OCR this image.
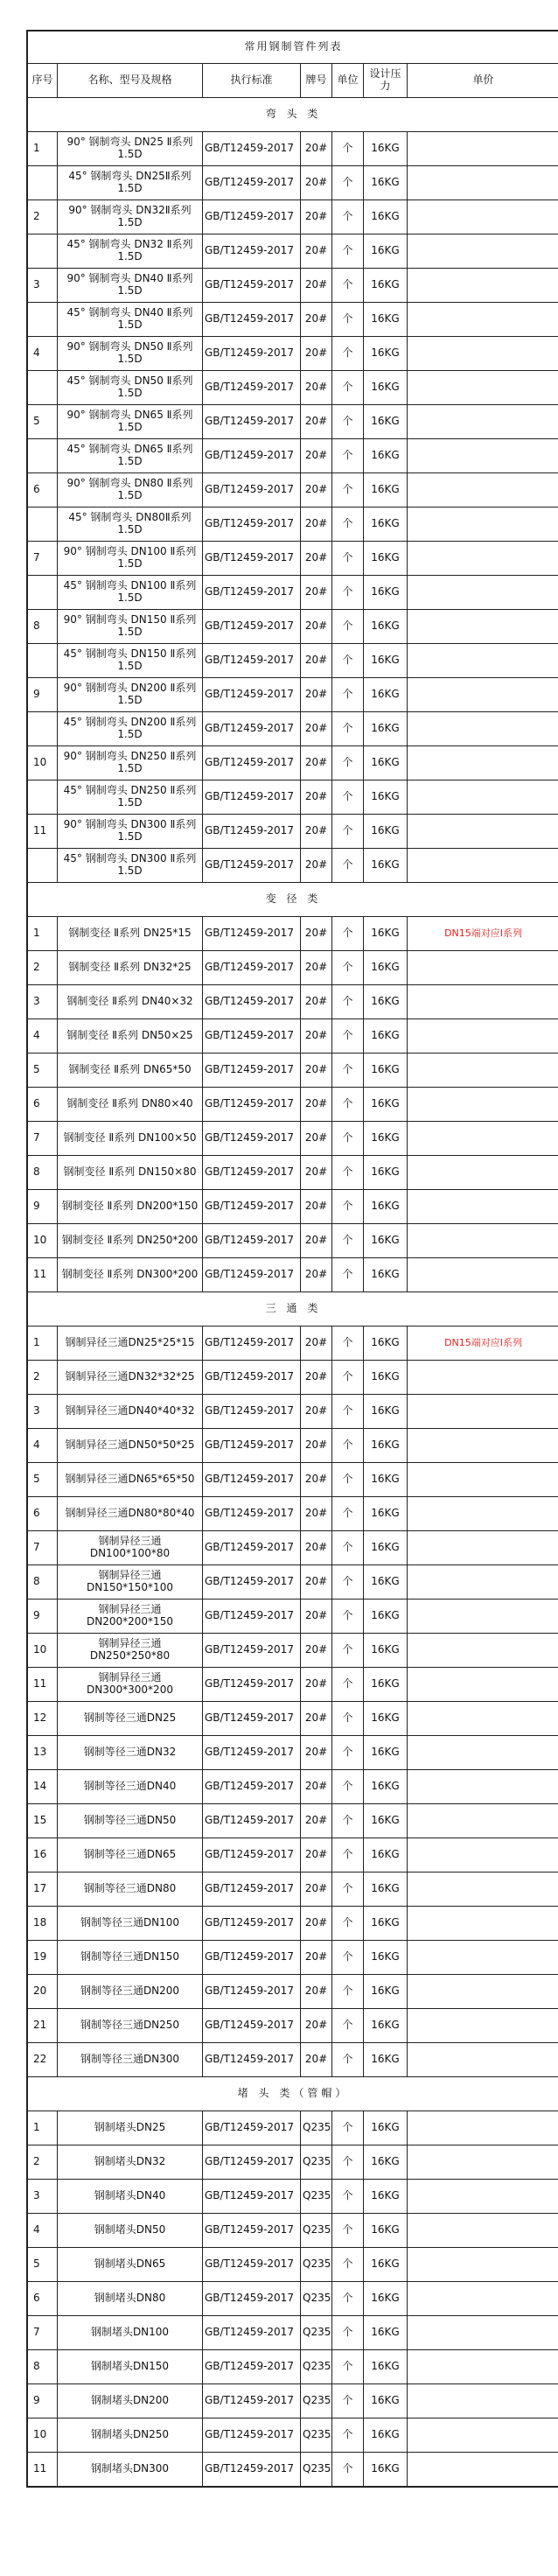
常用钢制管件列表						
序号	名称、型号及规格	执行标准	牌号	单位	设计压力	单价
弯 头 类						
1	90° 钢制弯头 DN25 Ⅱ系列 1.5D	GB/T12459-2017	20#	个	16KG	
	45° 钢制弯头 DN25Ⅱ系列 1.5D	GB/T12459-2017	20#	个	16KG	
2	90° 钢制弯头 DN32Ⅱ系列 1.5D	GB/T12459-2017	20#	个	16KG	
	45° 钢制弯头 DN32 Ⅱ系列 1.5D	GB/T12459-2017	20#	个	16KG	
3	90° 钢制弯头 DN40 Ⅱ系列 1.5D	GB/T12459-2017	20#	个	16KG	
	45° 钢制弯头 DN40 Ⅱ系列 1.5D	GB/T12459-2017	20#	个	16KG	
4	90° 钢制弯头 DN50 Ⅱ系列 1.5D	GB/T12459-2017	20#	个	16KG	
	45° 钢制弯头 DN50 Ⅱ系列 1.5D	GB/T12459-2017	20#	个	16KG	
5	90° 钢制弯头 DN65 Ⅱ系列 1.5D	GB/T12459-2017	20#	个	16KG	
	45° 钢制弯头 DN65 Ⅱ系列 1.5D	GB/T12459-2017	20#	个	16KG	
6	90° 钢制弯头 DN80 Ⅱ系列 1.5D	GB/T12459-2017	20#	个	16KG	
	45° 钢制弯头 DN80Ⅱ系列 1.5D	GB/T12459-2017	20#	个	16KG	
7	90° 钢制弯头 DN100 Ⅱ系列 1.5D	GB/T12459-2017	20#	个	16KG	
	45° 钢制弯头 DN100 Ⅱ系列 1.5D	GB/T12459-2017	20#	个	16KG	
8	90° 钢制弯头 DN150 Ⅱ系列 1.5D	GB/T12459-2017	20#	个	16KG	
	45° 钢制弯头 DN150 Ⅱ系列 1.5D	GB/T12459-2017	20#	个	16KG	
9	90° 钢制弯头 DN200 Ⅱ系列 1.5D	GB/T12459-2017	20#	个	16KG	
	45° 钢制弯头 DN200 Ⅱ系列 1.5D	GB/T12459-2017	20#	个	16KG	
10	90° 钢制弯头 DN250 Ⅱ系列 1.5D	GB/T12459-2017	20#	个	16KG	
	45° 钢制弯头 DN250 Ⅱ系列 1.5D	GB/T12459-2017	20#	个	16KG	
11	90° 钢制弯头 DN300 Ⅱ系列 1.5D	GB/T12459-2017	20#	个	16KG	
	45° 钢制弯头 DN300 Ⅱ系列 1.5D	GB/T12459-2017	20#	个	16KG	
变 径 类						
1	钢制变径 Ⅱ系列 DN25*15	GB/T12459-2017	20#	个	16KG	DN15端对应I系列
2	钢制变径 Ⅱ系列 DN32*25	GB/T12459-2017	20#	个	16KG	
3	钢制变径 Ⅱ系列 DN40×32	GB/T12459-2017	20#	个	16KG	
4	钢制变径 Ⅱ系列 DN50×25	GB/T12459-2017	20#	个	16KG	
5	钢制变径 Ⅱ系列 DN65*50	GB/T12459-2017	20#	个	16KG	
6	钢制变径 Ⅱ系列 DN80×40	GB/T12459-2017	20#	个	16KG	
7	钢制变径 Ⅱ系列 DN100×50	GB/T12459-2017	20#	个	16KG	
8	钢制变径 Ⅱ系列 DN150×80	GB/T12459-2017	20#	个	16KG	
9	钢制变径 Ⅱ系列 DN200*150	GB/T12459-2017	20#	个	16KG	
10	钢制变径 Ⅱ系列 DN250*200	GB/T12459-2017	20#	个	16KG	
11	钢制变径 Ⅱ系列 DN300*200	GB/T12459-2017	20#	个	16KG	
三 通 类						
1	钢制异径三通DN25*25*15	GB/T12459-2017	20#	个	16KG	DN15端对应I系列
2	钢制异径三通DN32*32*25	GB/T12459-2017	20#	个	16KG	
3	钢制异径三通DN40*40*32	GB/T12459-2017	20#	个	16KG	
4	钢制异径三通DN50*50*25	GB/T12459-2017	20#	个	16KG	
5	钢制异径三通DN65*65*50	GB/T12459-2017	20#	个	16KG	
6	钢制异径三通DN80*80*40	GB/T12459-2017	20#	个	16KG	
7	钢制异径三通DN100*100*80	GB/T12459-2017	20#	个	16KG	
8	钢制异径三通DN150*150*100	GB/T12459-2017	20#	个	16KG	
9	钢制异径三通DN200*200*150	GB/T12459-2017	20#	个	16KG	
10	钢制异径三通DN250*250*80	GB/T12459-2017	20#	个	16KG	
11	钢制异径三通DN300*300*200	GB/T12459-2017	20#	个	16KG	
12	钢制等径三通DN25	GB/T12459-2017	20#	个	16KG	
13	钢制等径三通DN32	GB/T12459-2017	20#	个	16KG	
14	钢制等径三通DN40	GB/T12459-2017	20#	个	16KG	
15	钢制等径三通DN50	GB/T12459-2017	20#	个	16KG	
16	钢制等径三通DN65	GB/T12459-2017	20#	个	16KG	
17	钢制等径三通DN80	GB/T12459-2017	20#	个	16KG	
18	钢制等径三通DN100	GB/T12459-2017	20#	个	16KG	
19	钢制等径三通DN150	GB/T12459-2017	20#	个	16KG	
20	钢制等径三通DN200	GB/T12459-2017	20#	个	16KG	
21	钢制等径三通DN250	GB/T12459-2017	20#	个	16KG	
22	钢制等径三通DN300	GB/T12459-2017	20#	个	16KG	
堵 头 类（管帽）						
1	钢制堵头DN25	GB/T12459-2017	Q235	个	16KG	
2	钢制堵头DN32	GB/T12459-2017	Q235	个	16KG	
3	钢制堵头DN40	GB/T12459-2017	Q235	个	16KG	
4	钢制堵头DN50	GB/T12459-2017	Q235	个	16KG	
5	钢制堵头DN65	GB/T12459-2017	Q235	个	16KG	
6	钢制堵头DN80	GB/T12459-2017	Q235	个	16KG	
7	钢制堵头DN100	GB/T12459-2017	Q235	个	16KG	
8	钢制堵头DN150	GB/T12459-2017	Q235	个	16KG	
9	钢制堵头DN200	GB/T12459-2017	Q235	个	16KG	
10	钢制堵头DN250	GB/T12459-2017	Q235	个	16KG	
11	钢制堵头DN300	GB/T12459-2017	Q235	个	16KG	
